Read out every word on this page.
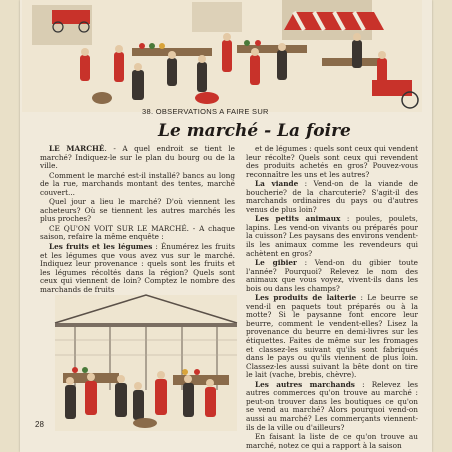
38. OBSERVATIONS A FAIRE SUR
Le marché - La foire

LE MARCHÉ. - A quel endroit se tient le marché? Indiquez-le sur le plan du bourg ou de la ville.

Comment le marché est-il installé? bancs au long de la rue, marchands montant des tentes, marché couvert...

Quel jour a lieu le marché? D'où viennent les acheteurs? Où se tiennent les autres marchés les plus proches?

CE QU'ON VOIT SUR LE MARCHÉ. - A chaque saison, refaire la même enquête :

Les fruits et les légumes : Énumérez les fruits et les légumes que vous avez vus sur le marché. Indiquez leur provenance : quels sont les fruits et les légumes récoltés dans la région? Quels sont ceux qui viennent de loin? Comptez le nombre des marchands de fruits

et de légumes : quels sont ceux qui vendent leur récolte? Quels sont ceux qui revendent des produits achetés en gros? Pouvez-vous reconnaître les uns et les autres?

La viande : Vend-on de la viande de boucherie? de la charcuterie? S'agit-il des marchands ordinaires du pays ou d'autres venus de plus loin?

Les petits animaux : poules, poulets, lapins. Les vend-on vivants ou préparés pour la cuisson? Les paysans des environs vendent-ils les animaux comme les revendeurs qui achètent en gros?

Le gibier : Vend-on du gibier toute l'année? Pourquoi? Relevez le nom des animaux que vous voyez, vivent-ils dans les bois ou dans les champs?

Les produits de laiterie : Le beurre se vend-il en paquets tout préparés ou à la motte? Si le paysanne font encore leur beurre, comment le vendent-elles? Lisez la provenance du beurre en demi-livres sur les étiquettes. Faites de même sur les fromages et classez-les suivant qu'ils sont fabriqués dans le pays ou qu'ils viennent de plus loin. Classez-les aussi suivant la bête dont on tire le lait (vache, brebis, chèvre).

Les autres marchands : Relevez les autres commerces qu'on trouve au marché : peut-on trouver dans les boutiques ce qu'on se vend au marché? Alors pourquoi vend-on aussi au marché? Les commerçants viennent-ils de la ville ou d'ailleurs?

En faisant la liste de ce qu'on trouve au marché, notez ce qui a rapport à la saison

28
